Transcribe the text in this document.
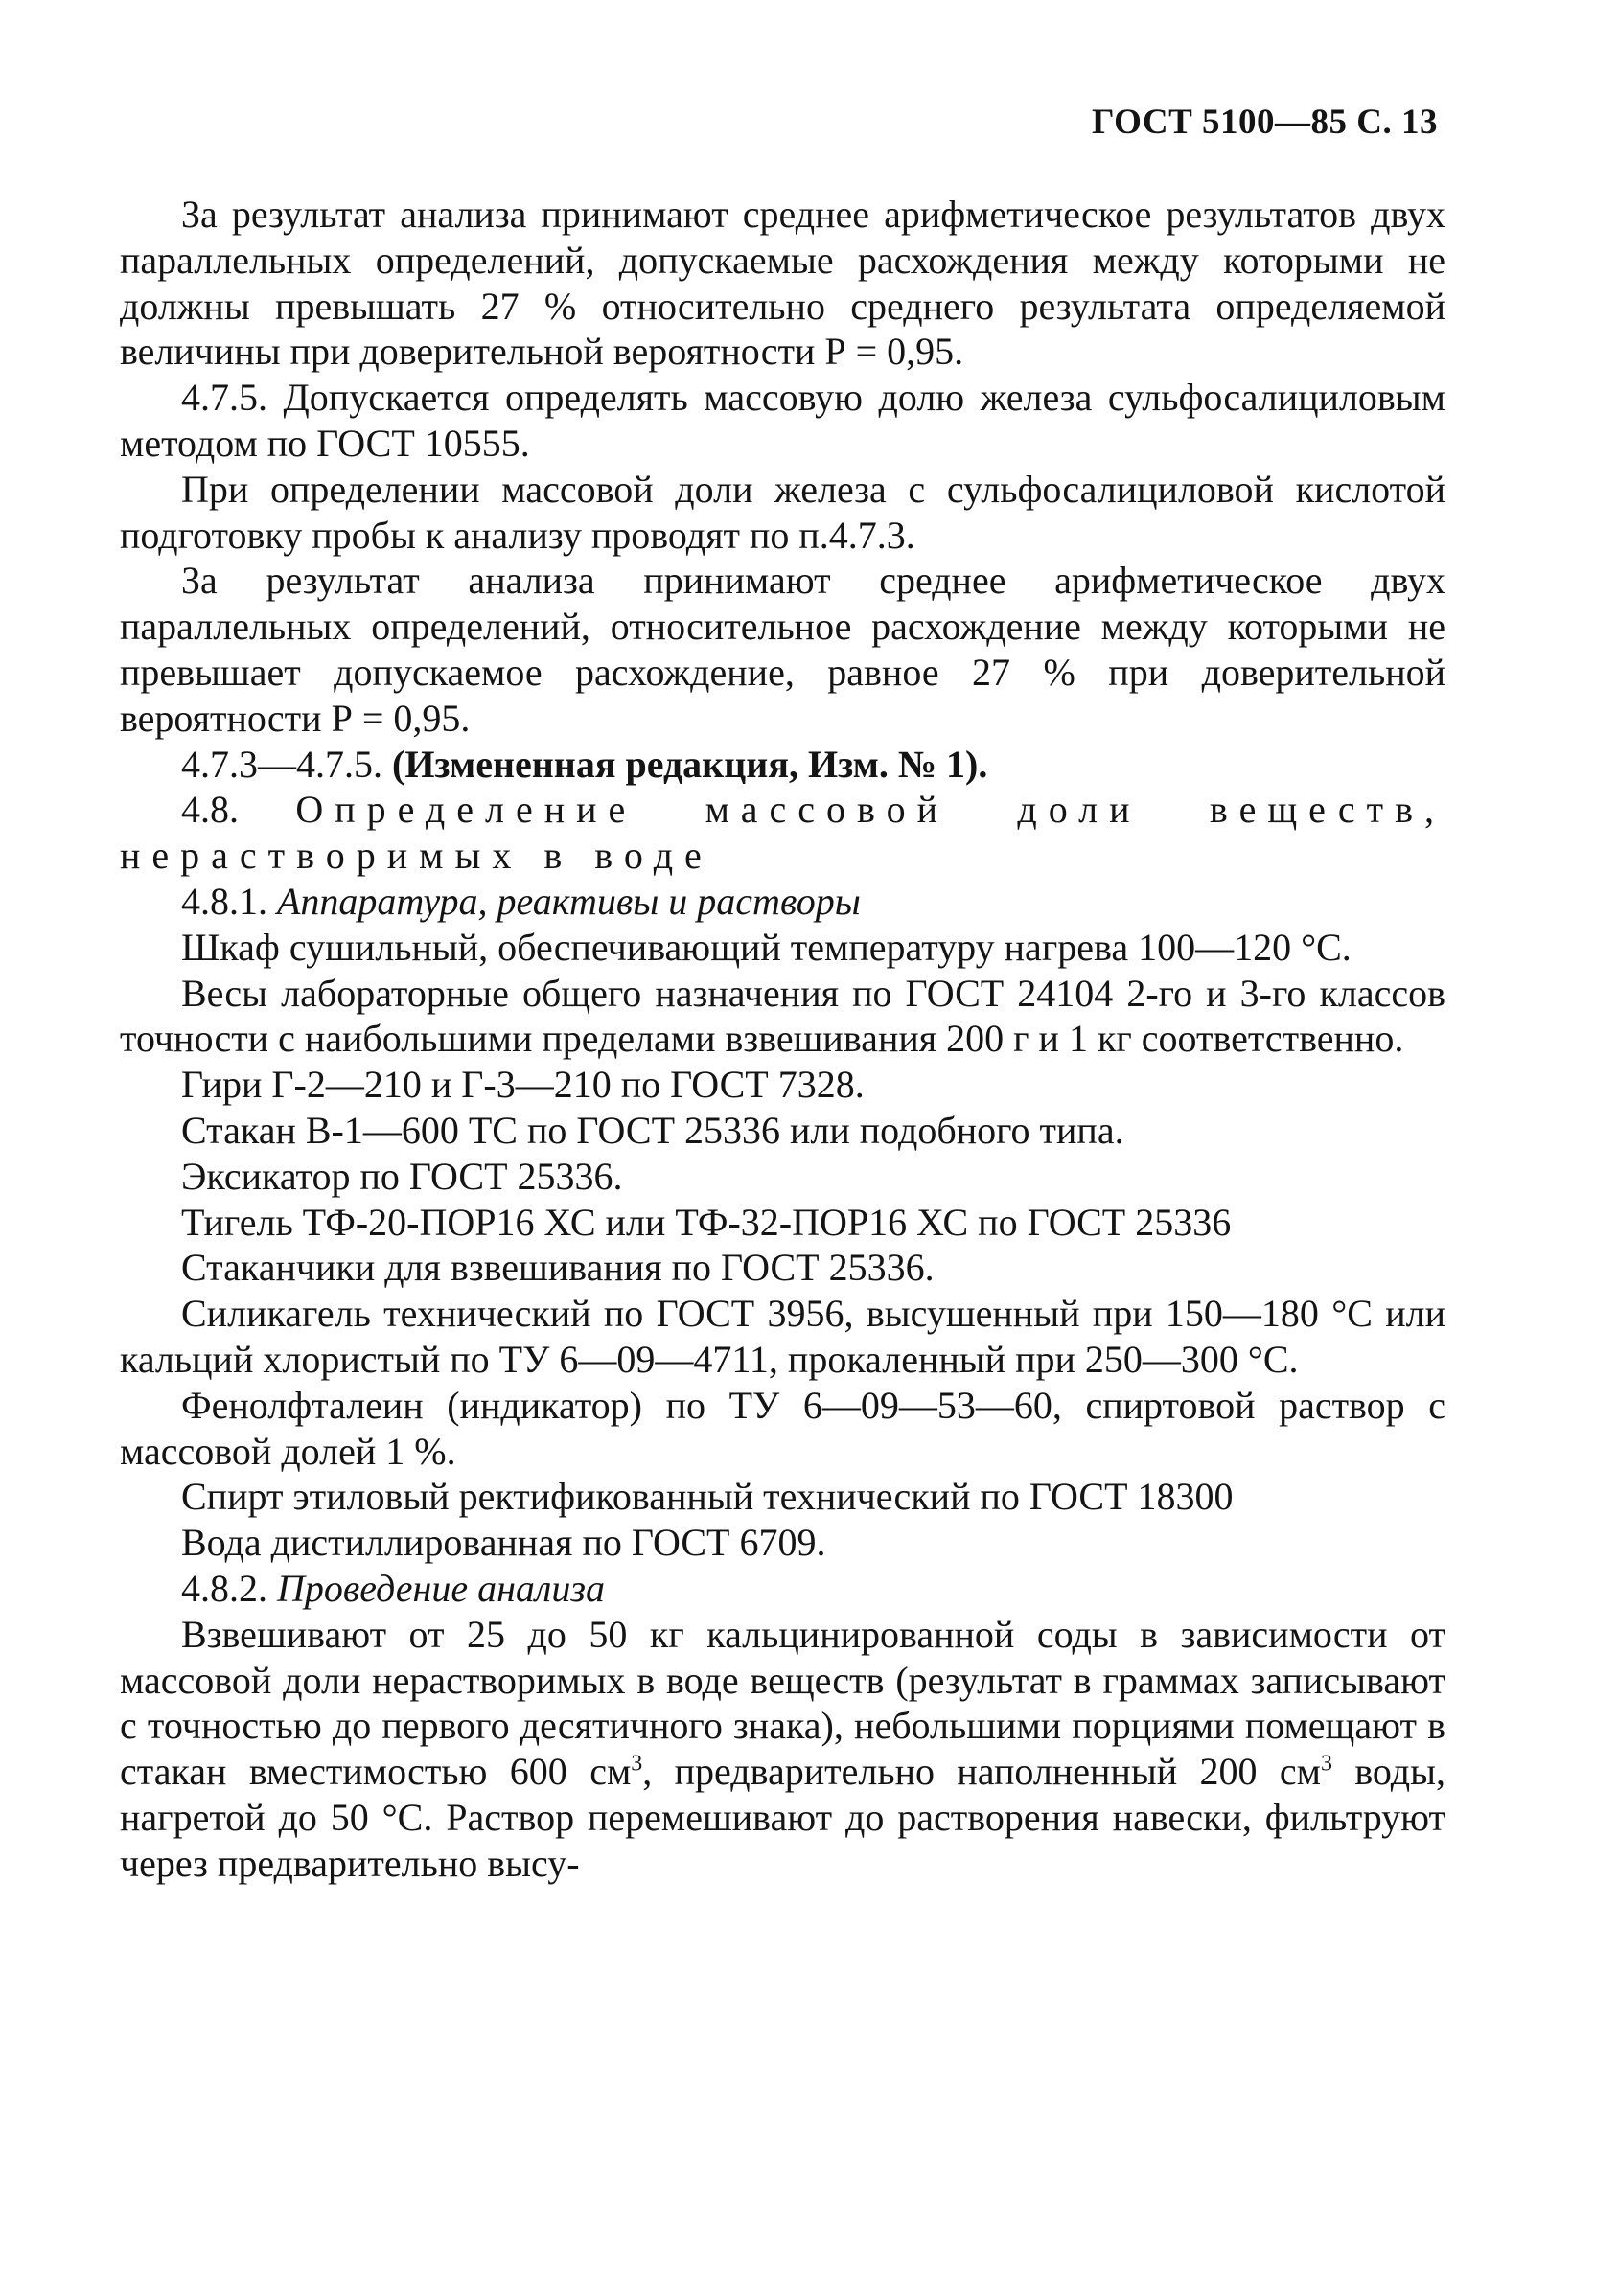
ГОСТ 5100—85 С. 13

За результат анализа принимают среднее арифметическое результатов двух параллельных определений, допускаемые расхождения между которыми не должны превышать 27 % относительно среднего результата определяемой величины при доверительной вероятности Р = 0,95.

4.7.5. Допускается определять массовую долю железа сульфосалициловым методом по ГОСТ 10555.

При определении массовой доли железа с сульфосалициловой кислотой подготовку пробы к анализу проводят по п.4.7.3.

За результат анализа принимают среднее арифметическое двух параллельных определений, относительное расхождение между которыми не превышает допускаемое расхождение, равное 27 % при доверительной вероятности Р = 0,95.

4.7.3—4.7.5. (Измененная редакция, Изм. № 1).

4.8. Определение массовой доли веществ, нерастворимых в воде

4.8.1. Аппаратура, реактивы и растворы

Шкаф сушильный, обеспечивающий температуру нагрева 100—120 °С.

Весы лабораторные общего назначения по ГОСТ 24104 2-го и 3-го классов точности с наибольшими пределами взвешивания 200 г и 1 кг соответственно.

Гири Г-2—210 и Г-3—210 по ГОСТ 7328.

Стакан В-1—600 ТС по ГОСТ 25336 или подобного типа.

Эксикатор по ГОСТ 25336.

Тигель ТФ-20-ПОР16 ХС или ТФ-32-ПОР16 ХС по ГОСТ 25336

Стаканчики для взвешивания по ГОСТ 25336.

Силикагель технический по ГОСТ 3956, высушенный при 150—180 °С или кальций хлористый по ТУ 6—09—4711, прокаленный при 250—300 °С.

Фенолфталеин (индикатор) по ТУ 6—09—53—60, спиртовой раствор с массовой долей 1 %.

Спирт этиловый ректификованный технический по ГОСТ 18300

Вода дистиллированная по ГОСТ 6709.

4.8.2. Проведение анализа

Взвешивают от 25 до 50 кг кальцинированной соды в зависимости от массовой доли нерастворимых в воде веществ (результат в граммах записывают с точностью до первого десятичного знака), небольшими порциями помещают в стакан вместимостью 600 $см^3$, предварительно наполненный 200 $см^3$ воды, нагретой до 50 °С. Раствор перемешивают до растворения навески, фильтруют через предварительно высу-
